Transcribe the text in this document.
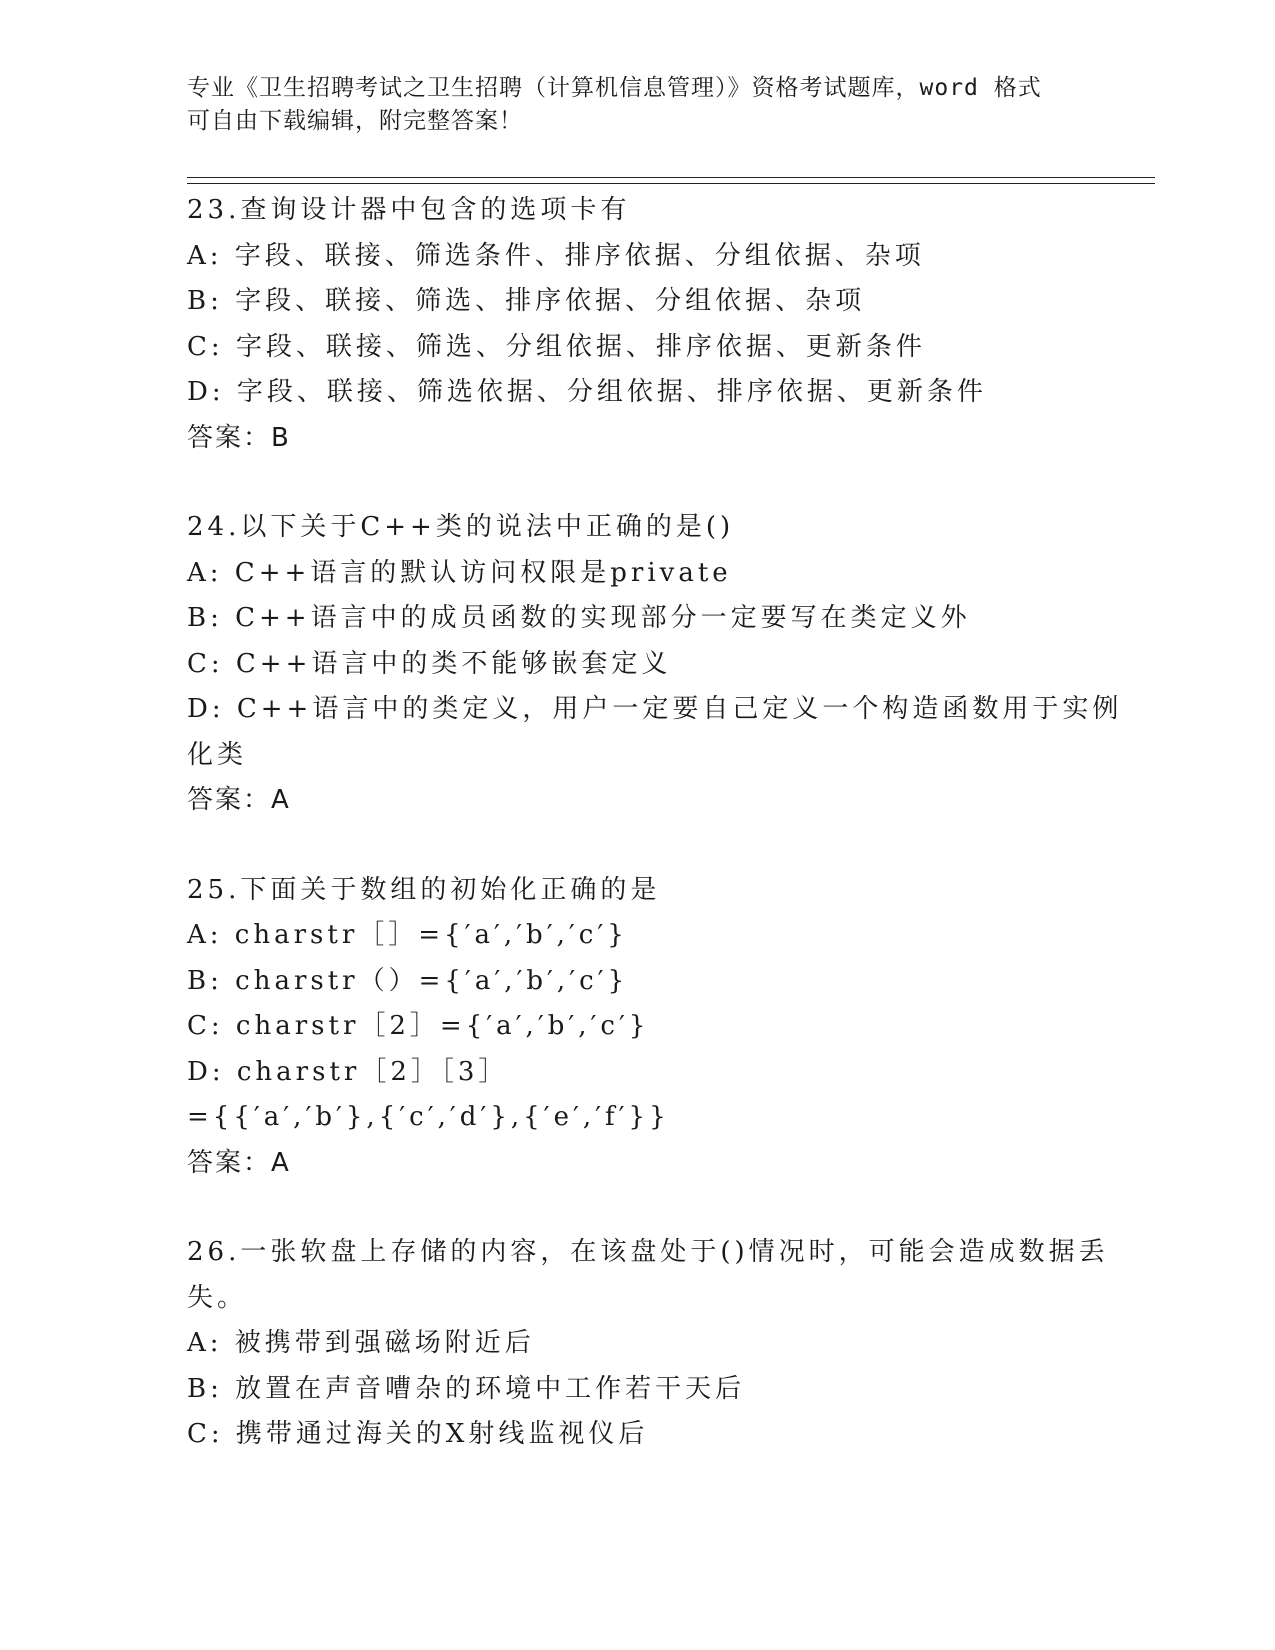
专业《卫生招聘考试之卫生招聘（计算机信息管理）》资格考试题库，word 格式
可自由下载编辑，附完整答案！
23.查询设计器中包含的选项卡有
A: 字段、联接、筛选条件、排序依据、分组依据、杂项
B: 字段、联接、筛选、排序依据、分组依据、杂项
C: 字段、联接、筛选、分组依据、排序依据、更新条件
D: 字段、联接、筛选依据、分组依据、排序依据、更新条件
答案：B
24.以下关于C++类的说法中正确的是()
A: C++语言的默认访问权限是private
B: C++语言中的成员函数的实现部分一定要写在类定义外
C: C++语言中的类不能够嵌套定义
D: C++语言中的类定义，用户一定要自己定义一个构造函数用于实例
化类
答案：A
25.下面关于数组的初始化正确的是
A: charstr［］={′a′,′b′,′c′}
B: charstr（）={′a′,′b′,′c′}
C: charstr［2］={′a′,′b′,′c′}
D: charstr［2］［3］
={{′a′,′b′},{′c′,′d′},{′e′,′f′}}
答案：A
26.一张软盘上存储的内容，在该盘处于()情况时，可能会造成数据丢
失。
A: 被携带到强磁场附近后
B: 放置在声音嘈杂的环境中工作若干天后
C: 携带通过海关的X射线监视仪后
